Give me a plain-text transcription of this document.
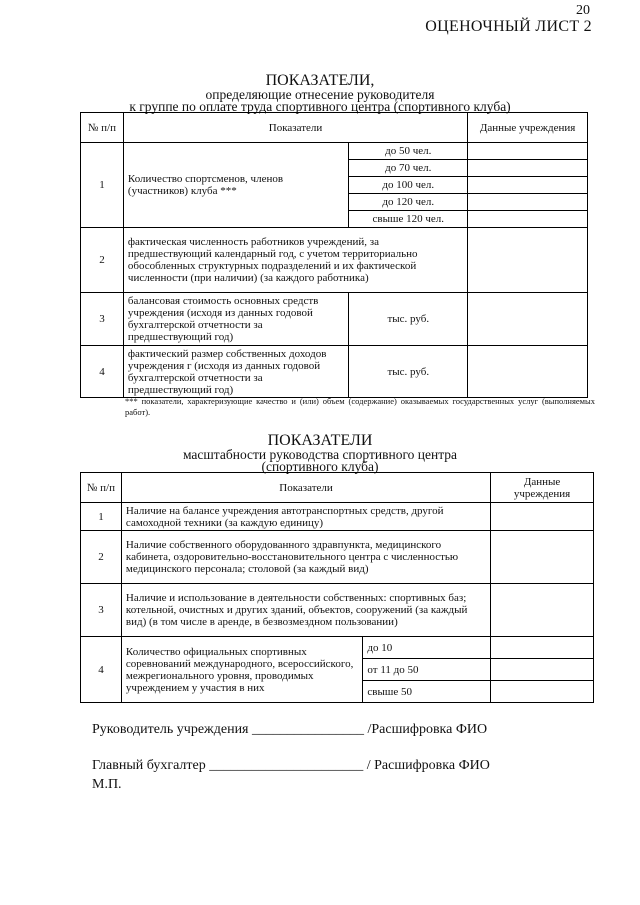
20
ОЦЕНОЧНЫЙ ЛИСТ 2
ПОКАЗАТЕЛИ,
определяющие отнесение руководителя
к группе по оплате труда спортивного центра (спортивного клуба)
№ п/п	Показатели		Данные учреждения
1	Количество спортсменов, членов (участников) клуба ***	до 50 чел.	
		до 70 чел.	
		до 100 чел.	
		до 120 чел.	
		свыше 120 чел.	
2	фактическая численность работников учреждений, за предшествующий календарный год, с учетом территориально обособленных структурных подразделений и их фактической численности (при наличии) (за каждого работника)		
3	балансовая стоимость основных средств учреждения (исходя из данных годовой бухгалтерской отчетности за предшествующий год)	тыс. руб.	
4	фактический размер собственных доходов учреждения г (исходя из данных годовой бухгалтерской отчетности за предшествующий год)	тыс. руб.	
*** показатели, характеризующие качество и (или) объем (содержание) оказываемых государственных услуг (выполняемых работ).
ПОКАЗАТЕЛИ
масштабности руководства спортивного центра
(спортивного клуба)
№ п/п	Показатели		Данные учреждения
1	Наличие на балансе учреждения автотранспортных средств, другой самоходной техники (за каждую единицу)		
2	Наличие собственного оборудованного здравпункта, медицинского кабинета, оздоровительно-восстановительного центра с численностью медицинского персонала; столовой (за каждый вид)		
3	Наличие и использование в деятельности собственных: спортивных баз; котельной, очистных и других зданий, объектов, сооружений (за каждый вид) (в том числе в аренде, в безвозмездном пользовании)		
4	Количество официальных спортивных соревнований международного, всероссийского, межрегионального уровня, проводимых учреждением у участия в них	до 10	
		от 11 до 50	
		свыше 50	
Руководитель учреждения ________________ /Расшифровка ФИО
Главный бухгалтер ______________________ / Расшифровка ФИО
М.П.
